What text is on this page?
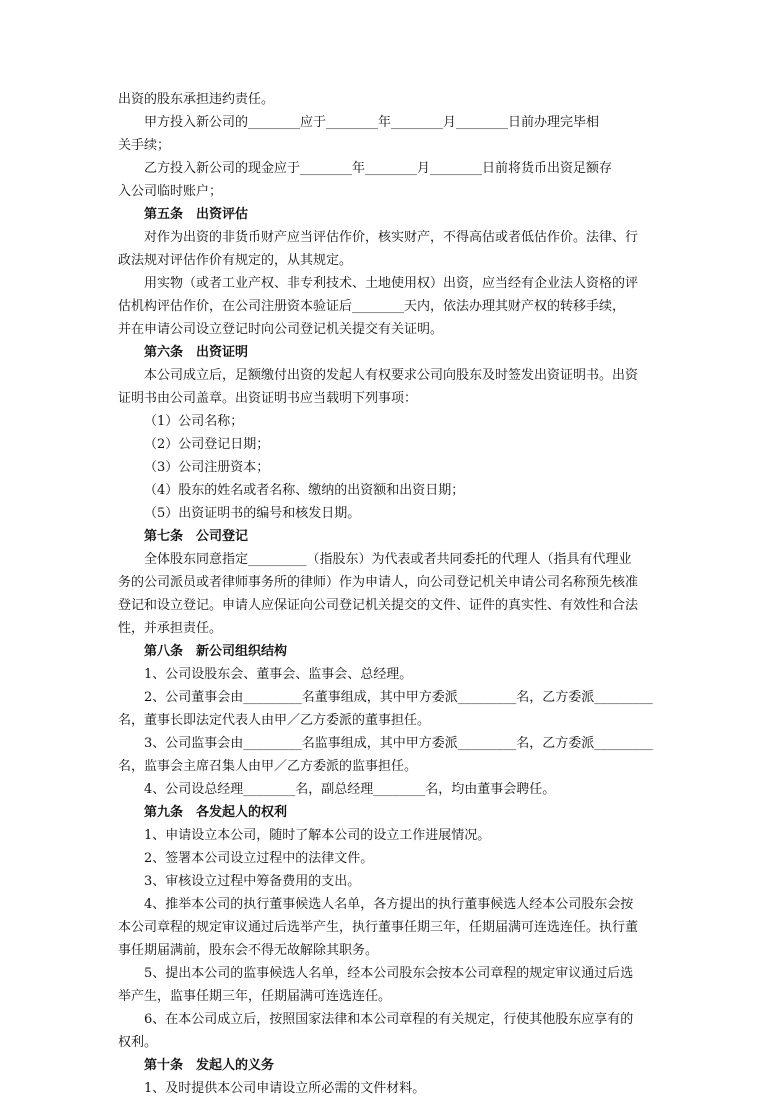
出资的股东承担违约责任。
甲方投入新公司的________应于________年________月________日前办理完毕相
关手续；
乙方投入新公司的现金应于________年________月________日前将货币出资足额存
入公司临时账户；
第五条　出资评估
对作为出资的非货币财产应当评估作价，核实财产，不得高估或者低估作价。法律、行
政法规对评估作价有规定的，从其规定。
用实物（或者工业产权、非专利技术、土地使用权）出资，应当经有企业法人资格的评
估机构评估作价，在公司注册资本验证后________天内，依法办理其财产权的转移手续，
并在申请公司设立登记时向公司登记机关提交有关证明。
第六条　出资证明
本公司成立后，足额缴付出资的发起人有权要求公司向股东及时签发出资证明书。出资
证明书由公司盖章。出资证明书应当载明下列事项：
（1）公司名称；
（2）公司登记日期；
（3）公司注册资本；
（4）股东的姓名或者名称、缴纳的出资额和出资日期；
（5）出资证明书的编号和核发日期。
第七条　公司登记
全体股东同意指定_________（指股东）为代表或者共同委托的代理人（指具有代理业
务的公司派员或者律师事务所的律师）作为申请人，向公司登记机关申请公司名称预先核准
登记和设立登记。申请人应保证向公司登记机关提交的文件、证件的真实性、有效性和合法
性，并承担责任。
第八条　新公司组织结构
1、公司设股东会、董事会、监事会、总经理。
2、公司董事会由_________名董事组成，其中甲方委派_________名，乙方委派_________
名，董事长即法定代表人由甲／乙方委派的董事担任。
3、公司监事会由_________名监事组成，其中甲方委派_________名，乙方委派_________
名，监事会主席召集人由甲／乙方委派的监事担任。
4、公司设总经理________名，副总经理________名，均由董事会聘任。
第九条　各发起人的权利
1、申请设立本公司，随时了解本公司的设立工作进展情况。
2、签署本公司设立过程中的法律文件。
3、审核设立过程中筹备费用的支出。
4、推举本公司的执行董事候选人名单，各方提出的执行董事候选人经本公司股东会按
本公司章程的规定审议通过后选举产生，执行董事任期三年，任期届满可连选连任。执行董
事任期届满前，股东会不得无故解除其职务。
5、提出本公司的监事候选人名单，经本公司股东会按本公司章程的规定审议通过后选
举产生，监事任期三年，任期届满可连选连任。
6、在本公司成立后，按照国家法律和本公司章程的有关规定，行使其他股东应享有的
权利。
第十条　发起人的义务
1、及时提供本公司申请设立所必需的文件材料。
